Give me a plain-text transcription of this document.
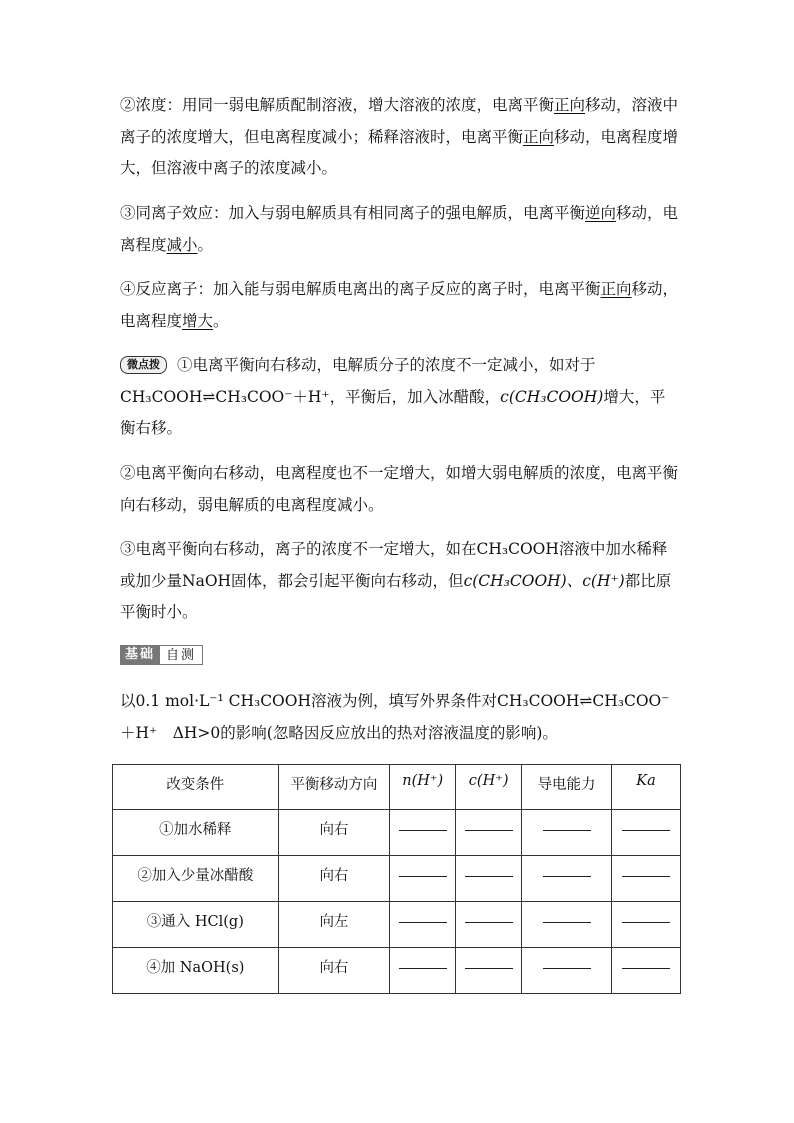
②浓度：用同一弱电解质配制溶液，增大溶液的浓度，电离平衡正向移动，溶液中离子的浓度增大，但电离程度减小；稀释溶液时，电离平衡正向移动，电离程度增大，但溶液中离子的浓度减小。

③同离子效应：加入与弱电解质具有相同离子的强电解质，电离平衡逆向移动，电离程度减小。

④反应离子：加入能与弱电解质电离出的离子反应的离子时，电离平衡正向移动，电离程度增大。

微点拨 ①电离平衡向右移动，电解质分子的浓度不一定减小，如对于CH₃COOH⇌CH₃COO⁻＋H⁺，平衡后，加入冰醋酸，c(CH₃COOH)增大，平衡右移。

②电离平衡向右移动，电离程度也不一定增大，如增大弱电解质的浓度，电离平衡向右移动，弱电解质的电离程度减小。

③电离平衡向右移动，离子的浓度不一定增大，如在CH₃COOH溶液中加水稀释或加少量NaOH固体，都会引起平衡向右移动，但c(CH₃COOH)、c(H⁺)都比原平衡时小。

基础 自测

以0.1 mol·L⁻¹ CH₃COOH溶液为例，填写外界条件对CH₃COOH⇌CH₃COO⁻＋H⁺　 ΔH>0的影响(忽略因反应放出的热对溶液温度的影响)。

改变条件	平衡移动方向	n(H⁺)	c(H⁺)	导电能力	Ka
①加水稀释	向右				
②加入少量冰醋酸	向右				
③通入 HCl(g)	向左				
④加 NaOH(s)	向右				
